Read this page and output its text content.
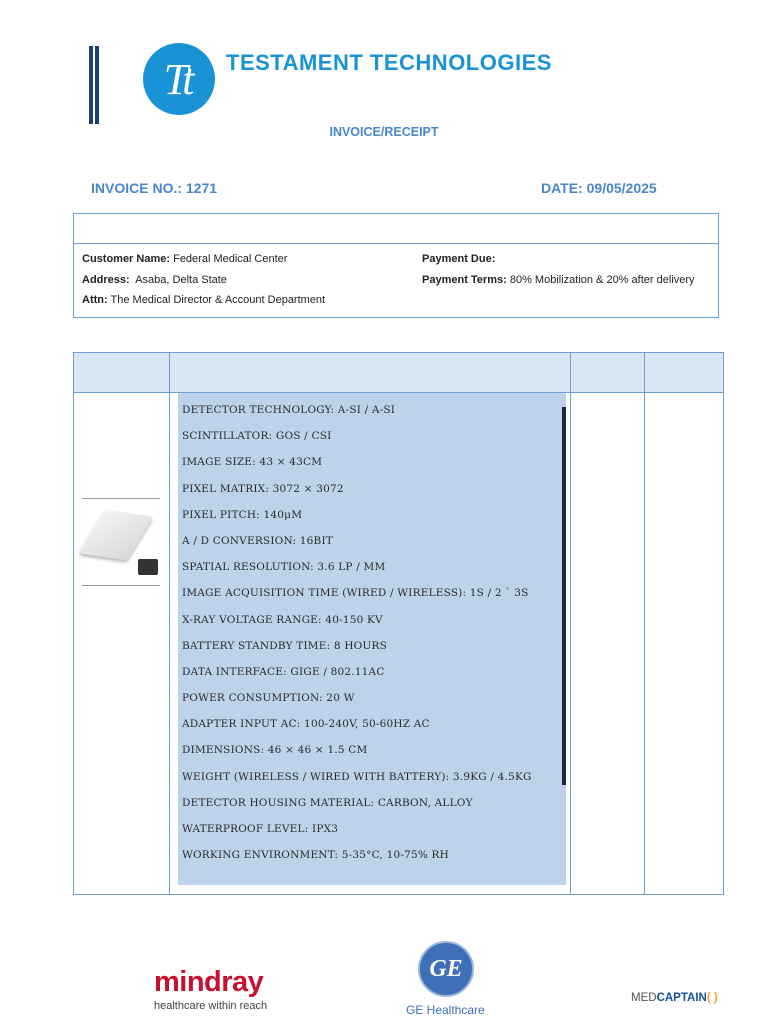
Tt TESTAMENT TECHNOLOGIES
INVOICE/RECEIPT
INVOICE NO.: 1271	DATE: 09/05/2025
Customer Name: Federal Medical Center
Address: Asaba, Delta State
Attn: The Medical Director & Account Department
Payment Due:
Payment Terms: 80% Mobilization & 20% after delivery
DETECTOR TECHNOLOGY: A-SI / A-SI
SCINTILLATOR: GOS / CSI
IMAGE SIZE: 43 × 43CM
PIXEL MATRIX: 3072 × 3072
PIXEL PITCH: 140μM
A / D CONVERSION: 16BIT
SPATIAL RESOLUTION: 3.6 LP / MM
IMAGE ACQUISITION TIME (WIRED / WIRELESS): 1S / 2 ` 3S
X-RAY VOLTAGE RANGE: 40-150 KV
BATTERY STANDBY TIME: 8 HOURS
DATA INTERFACE: GIGE / 802.11AC
POWER CONSUMPTION: 20 W
ADAPTER INPUT AC: 100-240V, 50-60HZ AC
DIMENSIONS: 46 × 46 × 1.5 CM
WEIGHT (WIRELESS / WIRED WITH BATTERY): 3.9KG / 4.5KG
DETECTOR HOUSING MATERIAL: CARBON, ALLOY
WATERPROOF LEVEL: IPX3
WORKING ENVIRONMENT: 5-35°C, 10-75% RH
mindray
healthcare within reach
GE
GE Healthcare
MEDCAPTAIN( )
